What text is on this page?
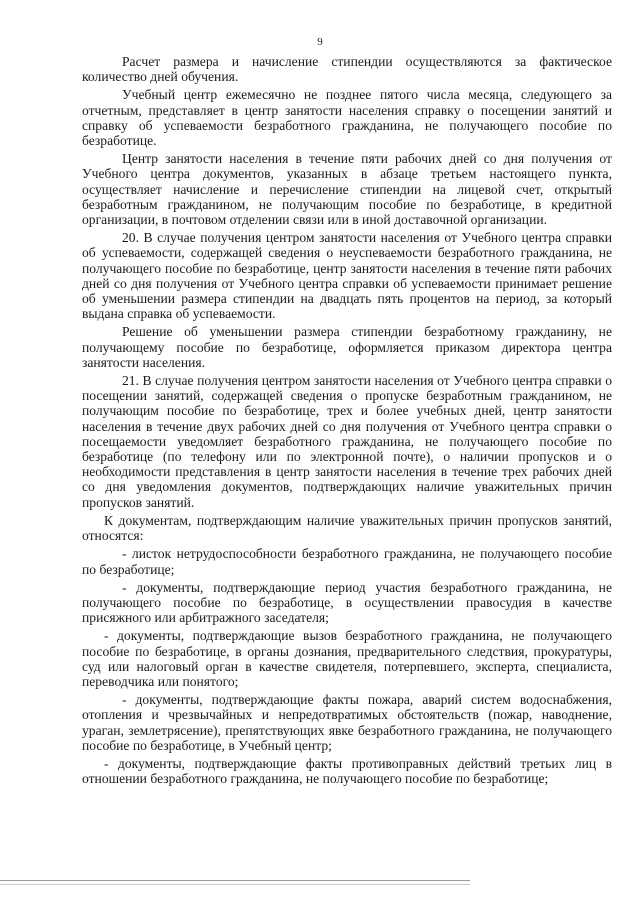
9

Расчет размера и начисление стипендии осуществляются за фактическое количество дней обучения.

Учебный центр ежемесячно не позднее пятого числа месяца, следующего за отчетным, представляет в центр занятости населения справку о посещении занятий и справку об успеваемости безработного гражданина, не получающего пособие по безработице.

Центр занятости населения в течение пяти рабочих дней со дня получения от Учебного центра документов, указанных в абзаце третьем настоящего пункта, осуществляет начисление и перечисление стипендии на лицевой счет, открытый безработным гражданином, не получающим пособие по безработице, в кредитной организации, в почтовом отделении связи или в иной доставочной организации.

20. В случае получения центром занятости населения от Учебного центра справки об успеваемости, содержащей сведения о неуспеваемости безработного гражданина, не получающего пособие по безработице, центр занятости населения в течение пяти рабочих дней со дня получения от Учебного центра справки об успеваемости принимает решение об уменьшении размера стипендии на двадцать пять процентов на период, за который выдана справка об успеваемости.

Решение об уменьшении размера стипендии безработному гражданину, не получающему пособие по безработице, оформляется приказом директора центра занятости населения.

21. В случае получения центром занятости населения от Учебного центра справки о посещении занятий, содержащей сведения о пропуске безработным гражданином, не получающим пособие по безработице, трех и более учебных дней, центр занятости населения в течение двух рабочих дней со дня получения от Учебного центра справки о посещаемости уведомляет безработного гражданина, не получающего пособие по безработице (по телефону или по электронной почте), о наличии пропусков и о необходимости представления в центр занятости населения в течение трех рабочих дней со дня уведомления документов, подтверждающих наличие уважительных причин пропусков занятий.

К документам, подтверждающим наличие уважительных причин пропусков занятий, относятся:

- листок нетрудоспособности безработного гражданина, не получающего пособие по безработице;

- документы, подтверждающие период участия безработного гражданина, не получающего пособие по безработице, в осуществлении правосудия в качестве присяжного или арбитражного заседателя;

- документы, подтверждающие вызов безработного гражданина, не получающего пособие по безработице, в органы дознания, предварительного следствия, прокуратуры, суд или налоговый орган в качестве свидетеля, потерпевшего, эксперта, специалиста, переводчика или понятого;

- документы, подтверждающие факты пожара, аварий систем водоснабжения, отопления и чрезвычайных и непредотвратимых обстоятельств (пожар, наводнение, ураган, землетрясение), препятствующих явке безработного гражданина, не получающего пособие по безработице, в Учебный центр;

- документы, подтверждающие факты противоправных действий третьих лиц в отношении безработного гражданина, не получающего пособие по безработице;
